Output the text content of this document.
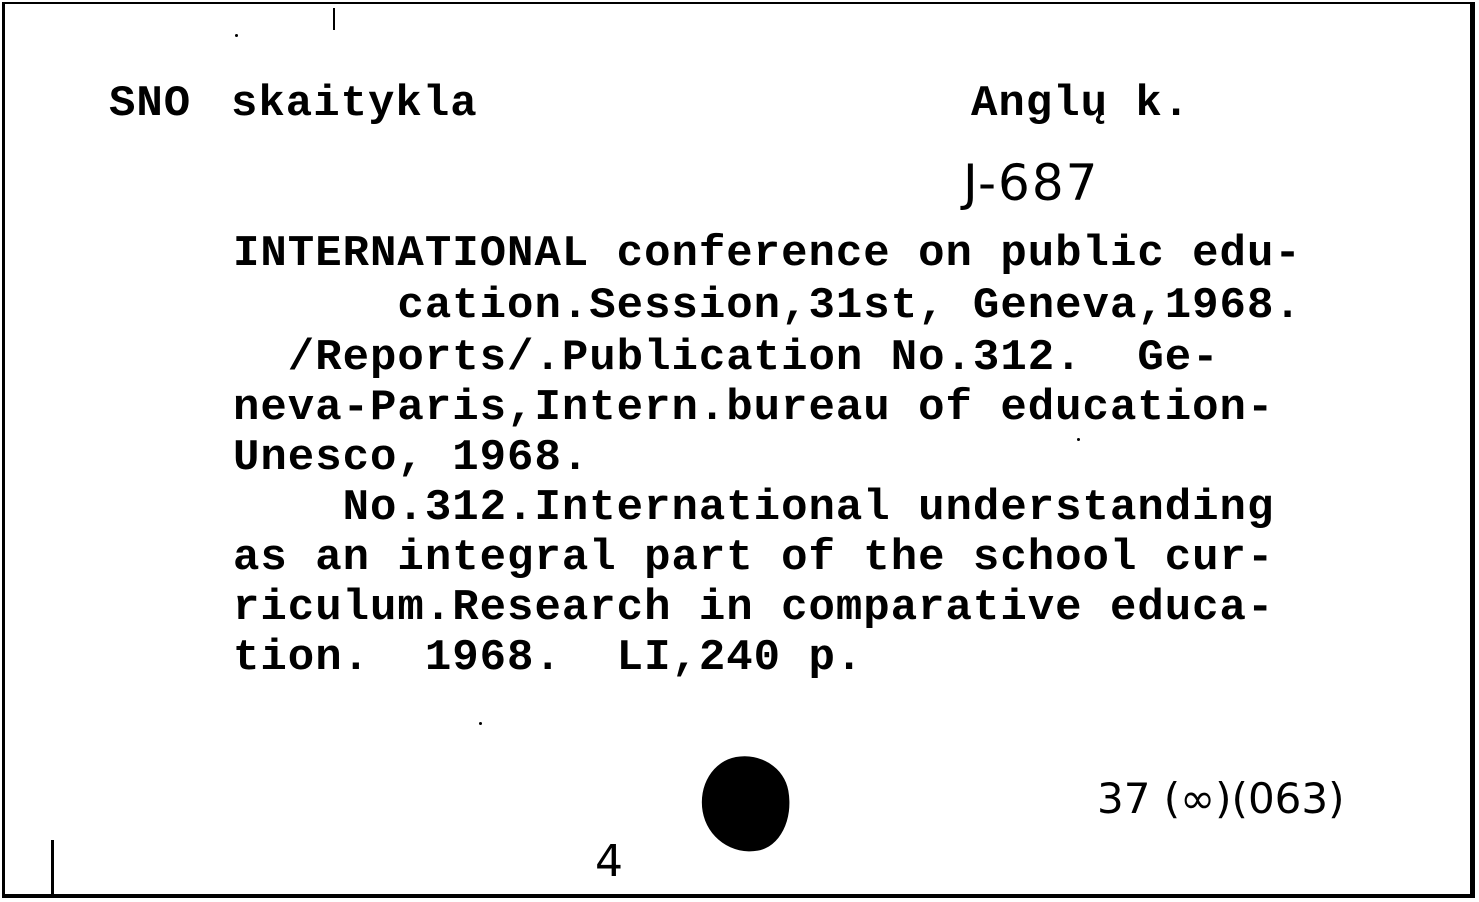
SNO skaitykla	Anglų k.
J-687

INTERNATIONAL conference on public edu-

cation.Session,31st, Geneva,1968.

/Reports/.Publication No.312.  Ge-

neva-Paris,Intern.bureau of education-

Unesco, 1968.

No.312.International understanding

as an integral part of the school cur-

riculum.Research in comparative educa-

tion.  1968.  LI,240 p.

37 (∞)(063)
4
